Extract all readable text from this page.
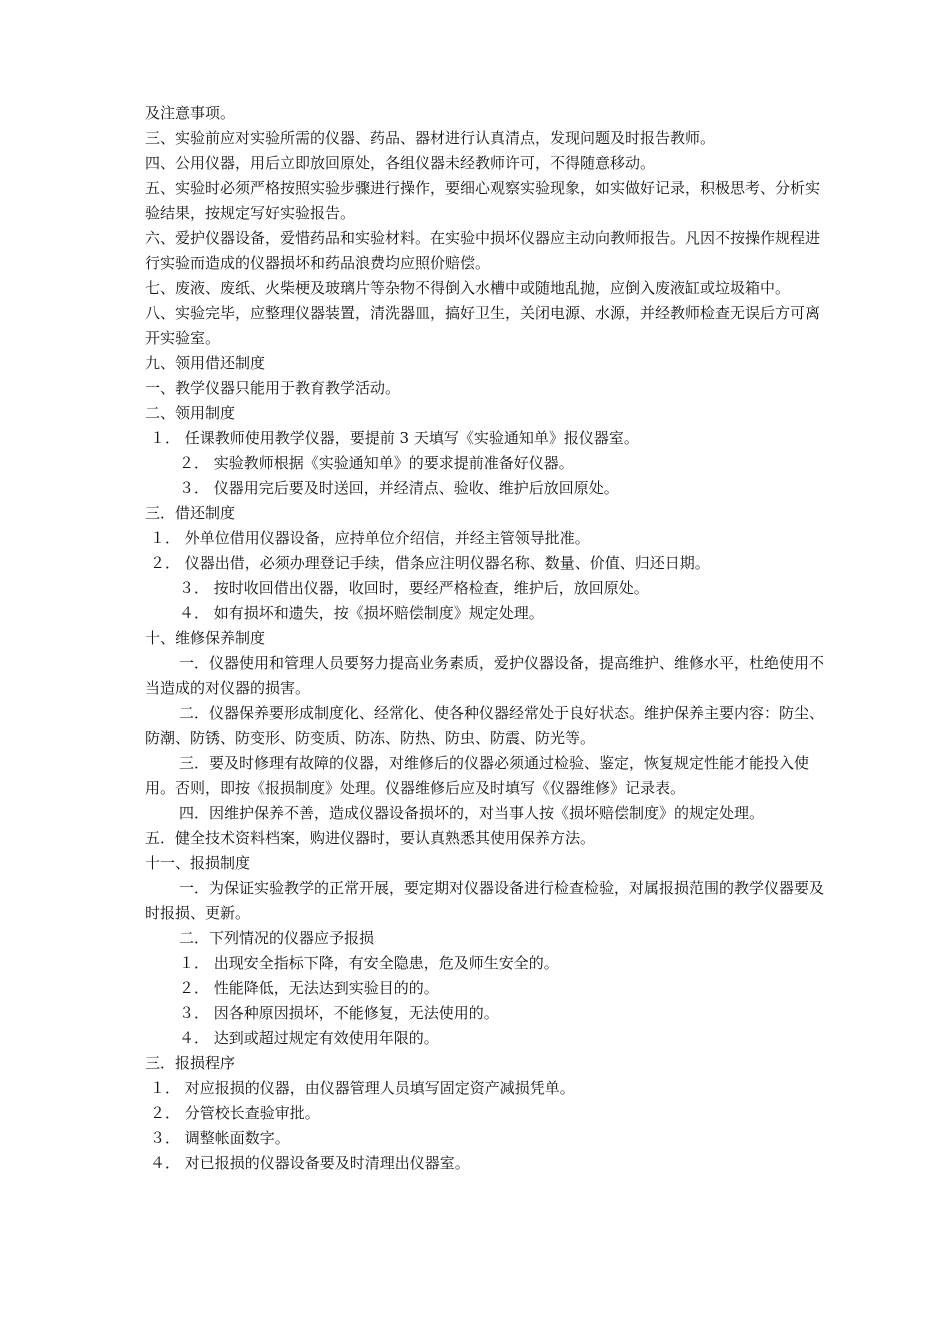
及注意事项。

三、实验前应对实验所需的仪器、药品、器材进行认真清点，发现问题及时报告教师。

四、公用仪器，用后立即放回原处，各组仪器未经教师许可，不得随意移动。

五、实验时必须严格按照实验步骤进行操作，要细心观察实验现象，如实做好记录，积极思考、分析实验结果，按规定写好实验报告。

六、爱护仪器设备，爱惜药品和实验材料。在实验中损坏仪器应主动向教师报告。凡因不按操作规程进行实验而造成的仪器损坏和药品浪费均应照价赔偿。

七、废液、废纸、火柴梗及玻璃片等杂物不得倒入水槽中或随地乱抛，应倒入废液缸或垃圾箱中。

八、实验完毕，应整理仪器装置，清洗器皿，搞好卫生，关闭电源、水源，并经教师检查无误后方可离开实验室。

九、领用借还制度

一、教学仪器只能用于教育教学活动。

二、领用制度

１． 任课教师使用教学仪器，要提前 3 天填写《实验通知单》报仪器室。

２． 实验教师根据《实验通知单》的要求提前准备好仪器。

３． 仪器用完后要及时送回，并经清点、验收、维护后放回原处。

三．借还制度

１． 外单位借用仪器设备，应持单位介绍信，并经主管领导批准。

２． 仪器出借，必须办理登记手续，借条应注明仪器名称、数量、价值、归还日期。

３． 按时收回借出仪器，收回时，要经严格检查，维护后，放回原处。

４． 如有损坏和遗失，按《损坏赔偿制度》规定处理。

十、维修保养制度

一．仪器使用和管理人员要努力提高业务素质，爱护仪器设备，提高维护、维修水平，杜绝使用不当造成的对仪器的损害。

二．仪器保养要形成制度化、经常化、使各种仪器经常处于良好状态。维护保养主要内容：防尘、防潮、防锈、防变形、防变质、防冻、防热、防虫、防震、防光等。

三．要及时修理有故障的仪器，对维修后的仪器必须通过检验、鉴定，恢复规定性能才能投入使用。否则，即按《报损制度》处理。仪器维修后应及时填写《仪器维修》记录表。

四．因维护保养不善，造成仪器设备损坏的，对当事人按《损坏赔偿制度》的规定处理。

五．健全技术资料档案，购进仪器时，要认真熟悉其使用保养方法。

十一、报损制度

一．为保证实验教学的正常开展，要定期对仪器设备进行检查检验，对属报损范围的教学仪器要及时报损、更新。

二．下列情况的仪器应予报损

１． 出现安全指标下降，有安全隐患，危及师生安全的。

２． 性能降低，无法达到实验目的的。

３． 因各种原因损坏，不能修复，无法使用的。

４． 达到或超过规定有效使用年限的。

三．报损程序

１． 对应报损的仪器，由仪器管理人员填写固定资产减损凭单。

２． 分管校长查验审批。

３． 调整帐面数字。

４． 对已报损的仪器设备要及时清理出仪器室。
